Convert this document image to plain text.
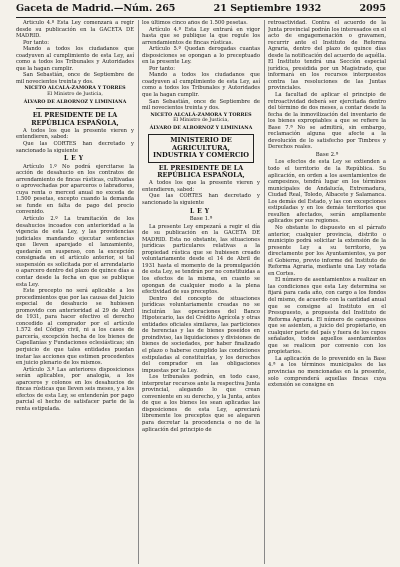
Gaceta de Madrid.—Núm. 265	21 Septiembre 1932	2095

Artículo 4.º Esta Ley comenzará a regir desde su publicación en la GACETA DE MADRID.

Por tanto:

Mando a todos los ciudadanos que coadyuven al cumplimiento de esta Ley, así como a todos los Tribunales y Autoridades que la hagan cumplir.

San Sebastián, once de Septiembre de mil novecientos treinta y dos.

NICETO ALCALÁ-ZAMORA Y TORRES

El Ministro de Justicia,

ÁLVARO DE ALBORNOZ Y LIMINIANA

EL PRESIDENTE DE LA REPÚBLICA ESPAÑOLA,

A todos los que la presente vieren y entendieren, sabed:

Que las CORTES han decretado y sancionado la siguiente

LEY

Artículo 1.º No podrá ejercitarse la acción de desahucio en los contratos de arrendamiento de fincas rústicas, cultivadas o aprovechadas por aparceros o labradores, cuya renta o merced anual no exceda de 1.500 pesetas, excepto cuando la demanda se funde en falta de pago del precio convenido.

Artículo 2.º La tramitación de los desahucios incoados con anterioridad a la vigencia de esta Ley, y las providencias judiciales mandando ejecutar sentencias que lleven aparejado el lanzamiento, quedarán en suspenso, con la excepción consignada en el artículo anterior, si tal suspensión es solicitada por el arrendatario o aparcero dentro del plazo de quince días a contar desde la fecha en que se publique esta Ley.

Este precepto no será aplicable a los procedimientos que por las causas del Juicio especial de desahucio se hubiesen promovido con anterioridad al 29 de Abril de 1931, para hacer efectivo el derecho concedido al comprador por el artículo 1.572 del Código civil, ni a los casos de parcería, excepción hecha de los bienes de Capellanías y Fundaciones eclesiásticas; sin perjuicio de que tales entidades puedan instar las acciones que estimen procedentes en juicio plenario de los mismos.

Artículo 3.º Las anteriores disposiciones serán aplicables, por analogía, a los aparceros y colonos en los desahucios de fincas rústicas que lleven seis meses, y a los efectos de esta Ley, se entenderán por pago parcial el hecho de satisfacer parte de la renta estipulada.

los últimos cinco años de 1.500 pesetas.

Artículo 4.º Esta Ley entrará en vigor hasta que se publique la que regule los arrendamientos de fincas rústicas.

Artículo 5.º Quedan derogadas cuantas disposiciones se opongan a lo preceptuado en la presente Ley.

Por tanto:

Mando a todos los ciudadanos que coadyuven al cumplimiento de esta Ley, así como a todos los Tribunales y Autoridades que la hagan cumplir.

San Sebastián, once de Septiembre de mil novecientos treinta y dos.

NICETO ALCALÁ-ZAMORA Y TORRES

El Ministro de Justicia,

ÁLVARO DE ALBORNOZ Y LIMINIANA

MINISTERIO DE AGRICULTURA, INDUSTRIA Y COMERCIO

EL PRESIDENTE DE LA REPÚBLICA ESPAÑOLA,

A todos los que la presente vieren y entendieren, sabed:

Que las CORTES han decretado y sancionado la siguiente

LEY

Base 1.ª

La presente Ley empezará a regir el día de su publicación en la GACETA DE MADRID. Esta no obstante, las situaciones jurídicas particulares relativas a la propiedad rústica que se hubiesen creado voluntariamente desde el 14 de Abril de 1931 hasta el momento de la promulgación de esta Ley, se tendrán por no constituidas a los efectos de la misma, en cuanto se opongan de cualquier modo a la plena efectividad de sus preceptos.

Dentro del concepto de situaciones jurídicas voluntariamente creadas no se incluirán las operaciones del Banco Hipotecario, las del Crédito Agrícola y otras entidades oficiales similares, las particiones de herencias y las de bienes poseídos en proindiviso, las liquidaciones y divisiones de bienes de sociedades, por haber finalizado el plazo o haberse cumplido las condiciones estipuladas al constituirlas, y los derechos del comprador en las obligaciones impuestas por la Ley.

Los tribunales podrán, en todo caso, interpretar recursos ante la respectiva Junta provincial, alegando lo que crean conveniente en su derecho, y la Junta, antes de que a los bienes les sean aplicadas las disposiciones de esta Ley, apreciará libremente los preceptos que se alegaren para decretar la procedencia o no de la aplicación del principio de

retroactividad. Contra el acuerdo de la Junta provincial podrán los interesados en el acto de engagemenación o gravamen, recurrir ante el Instituto de Reforma Agraria, dentro del plazo de quince días desde la notificación del acuerdo de aquélla. El Instituto tendrá una Sección especial jurídica, presidida por un Magistrado, que informará en los recursos interpuestos contra las resoluciones de las Juntas provinciales.

La facultad de aplicar el principio de retroactividad deberá ser ejercitada dentro del término de dos meses, a contar desde la fecha de la inmovilización del inventario de los bienes expropiables a que se refiere la Base 7.ª No se admitirá, sin embargo, reclamación alguna que afecte a la devolución de lo satisfecho por Timbres y Derechos reales.

Base 2.ª

Los efectos de esta Ley se extienden a todo el territorio de la República. Su aplicación, en orden a los asentamientos de campesinos, tendrá lugar en los términos municipales de Andalucía, Extremadura, Ciudad Real, Toledo, Albacete y Salamanca. Los demás del Estado, y las con excepciones estipuladas y en los demás territorios que resulten afectados, serán ampliamente aplicados por sus regiones.

No obstante lo dispuesto en el párrafo anterior, cualquier provincia, distrito o municipio podrá solicitar la extensión de la presente Ley a su territorio, ya directamente por los Ayuntamientos, ya por el Gobierno, previo informe del Instituto de Reforma Agraria, mediante una Ley votada en Cortes.

El número de asentamientos a realizar en las condiciones que esta Ley determina se fijará para cada año, con cargo a los fondos del mismo, de acuerdo con la cantidad anual que se consigne al Instituto en el Presupuesto, a propuesta del Instituto de Reforma Agraria. El número de campesinos que se asienten, a juicio del propietario, en cualquier parte del país y fuera de los cupos señalados, todos aquellos asentamientos que se realicen por convenio con los propietarios.

La aplicación de lo prevenido en la Base 4.ª a los términos municipales de las provincias no mencionadas en la presente, solo comprenderá aquellas fincas cuya extensión se consigne en
